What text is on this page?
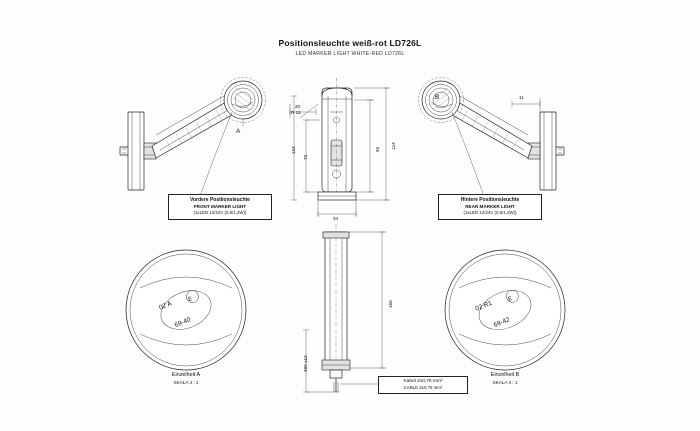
Positionsleuchte weiß-rot LD726L
LED MARKER LIGHT WHITE-RED LD726L
A
B
02 A
E
69-40
02 R1
E
69-42
Vordere Positionsleuchte
FRONT MARKER LIGHT
(1xLED 12/24V (0,6/1,2W))
Hintere Positionsleuchte
REAR MARKER LIGHT
(1xLED 12/24V (0,6/1,2W))
Kabel 2x0,75 mm²
CABLE 2x0,75 mm²
Einzelheit A
SKALA 4 : 1
Einzelheit B
SKALA 4 : 1
20
11
73
134	94 124
34
168
480 ±10
R 12
